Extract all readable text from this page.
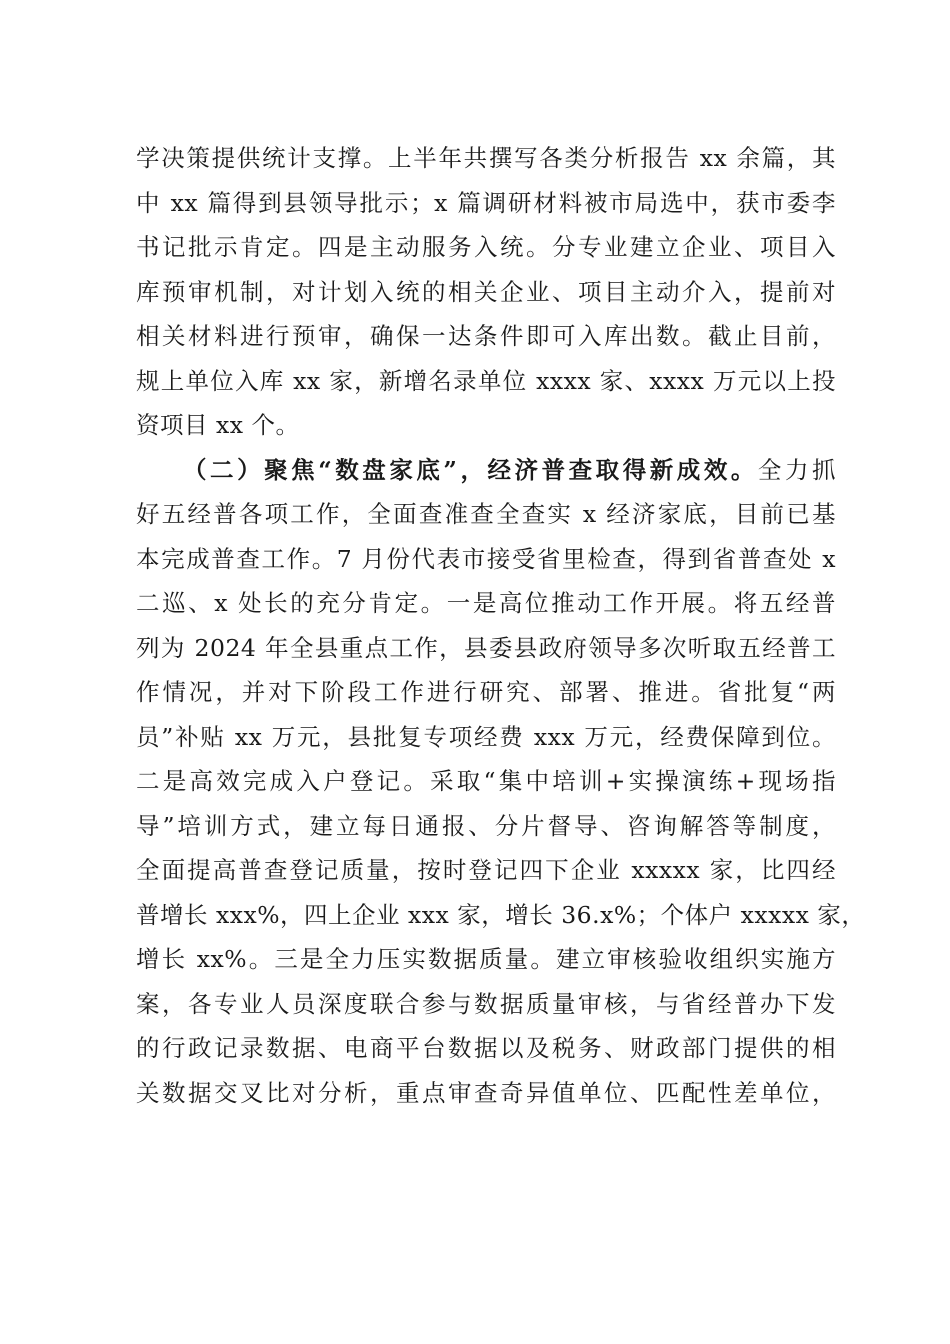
学决策提供统计支撑。上半年共撰写各类分析报告 xx 余篇，其
中 xx 篇得到县领导批示；x 篇调研材料被市局选中，获市委李
书记批示肯定。四是主动服务入统。分专业建立企业、项目入
库预审机制，对计划入统的相关企业、项目主动介入，提前对
相关材料进行预审，确保一达条件即可入库出数。截止目前，
规上单位入库 xx 家，新增名录单位 xxxx 家、xxxx 万元以上投
资项目 xx 个。
（二）聚焦“数盘家底”，经济普查取得新成效。全力抓
好五经普各项工作，全面查准查全查实 x 经济家底，目前已基
本完成普查工作。7 月份代表市接受省里检查，得到省普查处 x
二巡、x 处长的充分肯定。一是高位推动工作开展。将五经普
列为 2024 年全县重点工作，县委县政府领导多次听取五经普工
作情况，并对下阶段工作进行研究、部署、推进。省批复“两
员”补贴 xx 万元，县批复专项经费 xxx 万元，经费保障到位。
二是高效完成入户登记。采取“集中培训+实操演练+现场指
导”培训方式，建立每日通报、分片督导、咨询解答等制度，
全面提高普查登记质量，按时登记四下企业 xxxxx 家，比四经
普增长 xxx%，四上企业 xxx 家，增长 36.x%；个体户 xxxxx 家，
增长 xx%。三是全力压实数据质量。建立审核验收组织实施方
案，各专业人员深度联合参与数据质量审核，与省经普办下发
的行政记录数据、电商平台数据以及税务、财政部门提供的相
关数据交叉比对分析，重点审查奇异值单位、匹配性差单位，
